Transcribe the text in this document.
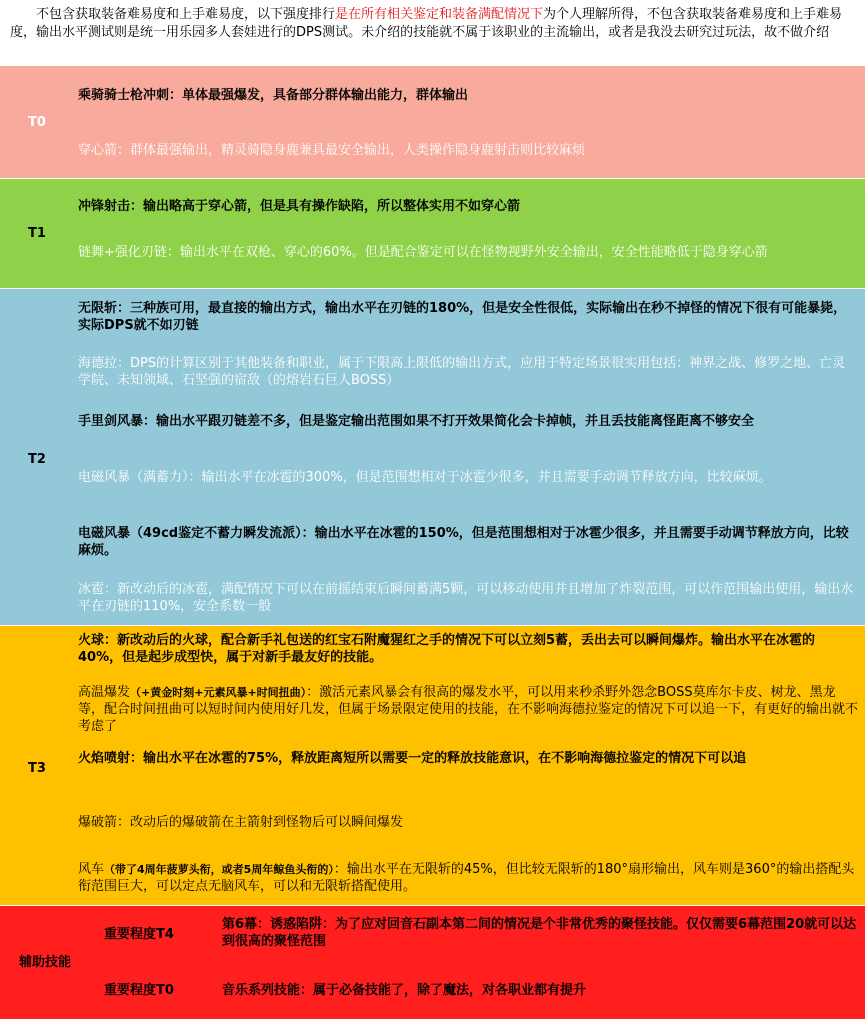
不包含获取装备难易度和上手难易度，以下强度排行是在所有相关鉴定和装备满配情况下为个人理解所得，不包含获取装备难易度和上手难易度，输出水平测试则是统一用乐园多人套娃进行的DPS测试。未介绍的技能就不属于该职业的主流输出，或者是我没去研究过玩法，故不做介绍
T0
乘骑骑士枪冲刺：单体最强爆发，具备部分群体输出能力，群体输出
穿心箭：群体最强输出，精灵骑隐身鹿兼具最安全输出，人类操作隐身鹿射击则比较麻烦
T1
冲锋射击：输出略高于穿心箭，但是具有操作缺陷，所以整体实用不如穿心箭
链舞+强化刃链：输出水平在双枪、穿心的60%。但是配合鉴定可以在怪物视野外安全输出，安全性能略低于隐身穿心箭
T2
无限斩：三种族可用，最直接的输出方式，输出水平在刃链的180%，但是安全性很低，实际输出在秒不掉怪的情况下很有可能暴毙，实际DPS就不如刃链
海德拉：DPS的计算区别于其他装备和职业，属于下限高上限低的输出方式，应用于特定场景很实用包括：神界之战、修罗之地、亡灵学院、未知领域、石坚强的宿敌（的熔岩石巨人BOSS）
手里剑风暴：输出水平跟刃链差不多，但是鉴定输出范围如果不打开效果简化会卡掉帧，并且丢技能离怪距离不够安全
电磁风暴（满蓄力）：输出水平在冰雹的300%，但是范围想相对于冰雹少很多，并且需要手动调节释放方向，比较麻烦。
电磁风暴（49cd鉴定不蓄力瞬发流派）：输出水平在冰雹的150%，但是范围想相对于冰雹少很多，并且需要手动调节释放方向，比较麻烦。
冰雹：新改动后的冰雹，满配情况下可以在前摇结束后瞬间蓄满5颗，可以移动使用并且增加了炸裂范围，可以作范围输出使用，输出水平在刃链的110%，安全系数一般
T3
火球：新改动后的火球，配合新手礼包送的红宝石附魔猩红之手的情况下可以立刻5蓄，丢出去可以瞬间爆炸。输出水平在冰雹的40%，但是起步成型快，属于对新手最友好的技能。
高温爆发（+黄金时刻+元素风暴+时间扭曲）：激活元素风暴会有很高的爆发水平，可以用来秒杀野外怨念BOSS莫库尔卡皮、树龙、黑龙等，配合时间扭曲可以短时间内使用好几发，但属于场景限定使用的技能，在不影响海德拉鉴定的情况下可以追一下，有更好的输出就不考虑了
火焰喷射：输出水平在冰雹的75%，释放距离短所以需要一定的释放技能意识，在不影响海德拉鉴定的情况下可以追
爆破箭：改动后的爆破箭在主箭射到怪物后可以瞬间爆发
风车（带了4周年菠萝头衔，或者5周年鲸鱼头衔的）：输出水平在无限斩的45%，但比较无限斩的180°扇形输出，风车则是360°的输出搭配头衔范围巨大，可以定点无脑风车，可以和无限斩搭配使用。
辅助技能
重要程度T4
第6幕：诱惑陷阱：为了应对回音石副本第二间的情况是个非常优秀的聚怪技能。仅仅需要6幕范围20就可以达到很高的聚怪范围
重要程度T0	音乐系列技能：属于必备技能了，除了魔法，对各职业都有提升
